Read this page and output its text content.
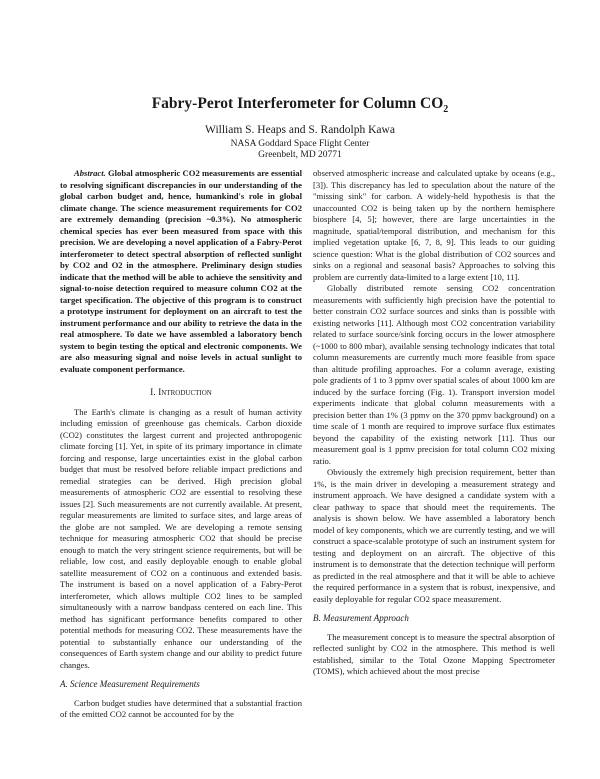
Fabry-Perot Interferometer for Column $CO_2$
William S. Heaps and S. Randolph Kawa
NASA Goddard Space Flight Center
Greenbelt, MD 20771

Abstract. Global atmospheric CO2 measurements are essential to resolving significant discrepancies in our understanding of the global carbon budget and, hence, humankind's role in global climate change. The science measurement requirements for CO2 are extremely demanding (precision ~0.3%). No atmospheric chemical species has ever been measured from space with this precision. We are developing a novel application of a Fabry-Perot interferometer to detect spectral absorption of reflected sunlight by CO2 and O2 in the atmosphere. Preliminary design studies indicate that the method will be able to achieve the sensitivity and signal-to-noise detection required to measure column CO2 at the target specification. The objective of this program is to construct a prototype instrument for deployment on an aircraft to test the instrument performance and our ability to retrieve the data in the real atmosphere. To date we have assembled a laboratory bench system to begin testing the optical and electronic components. We are also measuring signal and noise levels in actual sunlight to evaluate component performance.

I. Introduction

The Earth's climate is changing as a result of human activity including emission of greenhouse gas chemicals. Carbon dioxide (CO2) constitutes the largest current and projected anthropogenic climate forcing [1]. Yet, in spite of its primary importance in climate forcing and response, large uncertainties exist in the global carbon budget that must be resolved before reliable impact predictions and remedial strategies can be derived. High precision global measurements of atmospheric CO2 are essential to resolving these issues [2]. Such measurements are not currently available. At present, regular measurements are limited to surface sites, and large areas of the globe are not sampled. We are developing a remote sensing technique for measuring atmospheric CO2 that should be precise enough to match the very stringent science requirements, but will be reliable, low cost, and easily deployable enough to enable global satellite measurement of CO2 on a continuous and extended basis. The instrument is based on a novel application of a Fabry-Perot interferometer, which allows multiple CO2 lines to be sampled simultaneously with a narrow bandpass centered on each line. This method has significant performance benefits compared to other potential methods for measuring CO2. These measurements have the potential to substantially enhance our understanding of the consequences of Earth system change and our ability to predict future changes.

A. Science Measurement Requirements

Carbon budget studies have determined that a substantial fraction of the emitted CO2 cannot be accounted for by the

observed atmospheric increase and calculated uptake by oceans (e.g., [3]). This discrepancy has led to speculation about the nature of the "missing sink" for carbon. A widely-held hypothesis is that the unaccounted CO2 is being taken up by the northern hemisphere biosphere [4, 5]; however, there are large uncertainties in the magnitude, spatial/temporal distribution, and mechanism for this implied vegetation uptake [6, 7, 8, 9]. This leads to our guiding science question: What is the global distribution of CO2 sources and sinks on a regional and seasonal basis? Approaches to solving this problem are currently data-limited to a large extent [10, 11].

Globally distributed remote sensing CO2 concentration measurements with sufficiently high precision have the potential to better constrain CO2 surface sources and sinks than is possible with existing networks [11]. Although most CO2 concentration variability related to surface source/sink forcing occurs in the lower atmosphere (~1000 to 800 mbar), available sensing technology indicates that total column measurements are currently much more feasible from space than altitude profiling approaches. For a column average, existing pole gradients of 1 to 3 ppmv over spatial scales of about 1000 km are induced by the surface forcing (Fig. 1). Transport inversion model experiments indicate that global column measurements with a precision better than 1% (3 ppmv on the 370 ppmv background) on a time scale of 1 month are required to improve surface flux estimates beyond the capability of the existing network [11]. Thus our measurement goal is 1 ppmv precision for total column CO2 mixing ratio.

Obviously the extremely high precision requirement, better than 1%, is the main driver in developing a measurement strategy and instrument approach. We have designed a candidate system with a clear pathway to space that should meet the requirements. The analysis is shown below. We have assembled a laboratory bench model of key components, which we are currently testing, and we will construct a space-scalable prototype of such an instrument system for testing and deployment on an aircraft. The objective of this instrument is to demonstrate that the detection technique will perform as predicted in the real atmosphere and that it will be able to achieve the required performance in a system that is robust, inexpensive, and easily deployable for regular CO2 space measurement.

B. Measurement Approach

The measurement concept is to measure the spectral absorption of reflected sunlight by CO2 in the atmosphere. This method is well established, similar to the Total Ozone Mapping Spectrometer (TOMS), which achieved about the most precise
